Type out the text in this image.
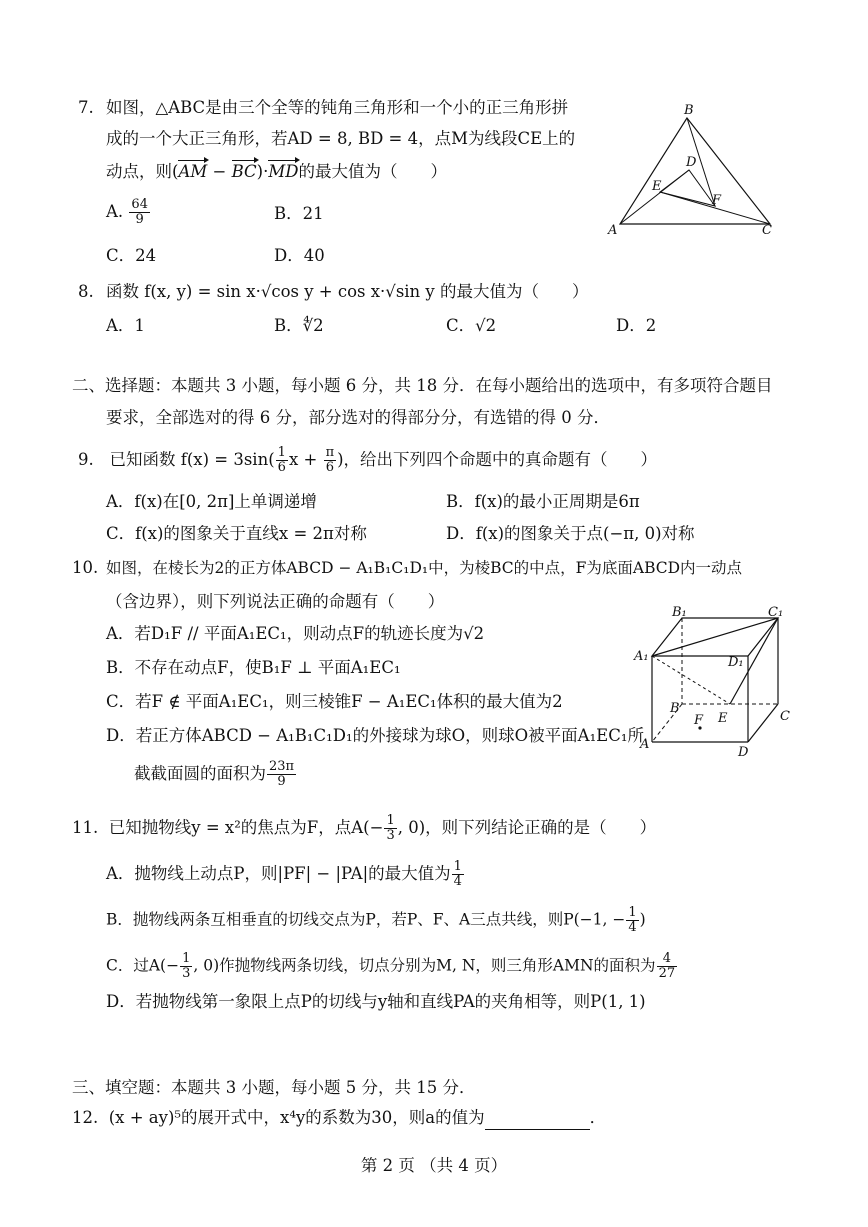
7. 如图，△ABC是由三个全等的钝角三角形和一个小的正三角形拼
成的一个大正三角形，若AD = 8, BD = 4，点M为线段CE上的
动点，则(AM − BC)·MD的最大值为（　　）
A. $\frac{64}{9}$	B．21
C．24	D．40
B
D
E
F
A	C
8. 函数 f(x, y) = sin x·√cos y + cos x·√sin y 的最大值为（　　）
A．1	B．∜2	C．√2	D．2
二、选择题：本题共 3 小题，每小题 6 分，共 18 分．在每小题给出的选项中，有多项符合题目
要求，全部选对的得 6 分，部分选对的得部分分，有选错的得 0 分．
9. 已知函数 $f(x) = 3\sin( \frac{1}{6}$ $x + \frac{\pi}{6}$ )，给出下列四个命题中的真命题有（　　）
A．f(x)在[0, 2π]上单调递增	B．f(x)的最小正周期是6π
C．f(x)的图象关于直线x = 2π对称	D．f(x)的图象关于点(−π, 0)对称
10. 如图，在棱长为2的正方体ABCD − A₁B₁C₁D₁中，为棱BC的中点，F为底面ABCD内一动点
（含边界），则下列说法正确的命题有（　　）
A．若D₁F // 平面A₁EC₁，则动点F的轨迹长度为√2
B．不存在动点F，使B₁F ⊥ 平面A₁EC₁
C．若F ∉ 平面A₁EC₁，则三棱锥F − A₁EC₁体积的最大值为2
D．若正方体ABCD − A₁B₁C₁D₁的外接球为球O，则球O被平面A₁EC₁所
截截面圆的面积为 $\frac{23\pi}{9}$
B₁	C₁
A₁	D₁
B
E	C
A
F
D
11. 已知抛物线y = x²的焦点为F，点$A(- \frac{1}{3}$ , 0)，则下列结论正确的是（　　）
A．抛物线上动点P，则|PF| − |PA|的最大值为 $\frac{1}{4}$
B．抛物线两条互相垂直的切线交点为P，若P、F、A三点共线，则P(−1, − $\frac{1}{4}$ )
C．过$A(- \frac{1}{3}$ , 0)作抛物线两条切线，切点分别为M, N，则三角形AMN的面积为 $\frac{4}{27}$
D．若抛物线第一象限上点P的切线与y轴和直线PA的夹角相等，则P(1, 1)
三、填空题：本题共 3 小题，每小题 5 分，共 15 分．
12. (x + ay)⁵的展开式中，x⁴y的系数为30，则a的值为	．
第 2 页 （共 4 页）
